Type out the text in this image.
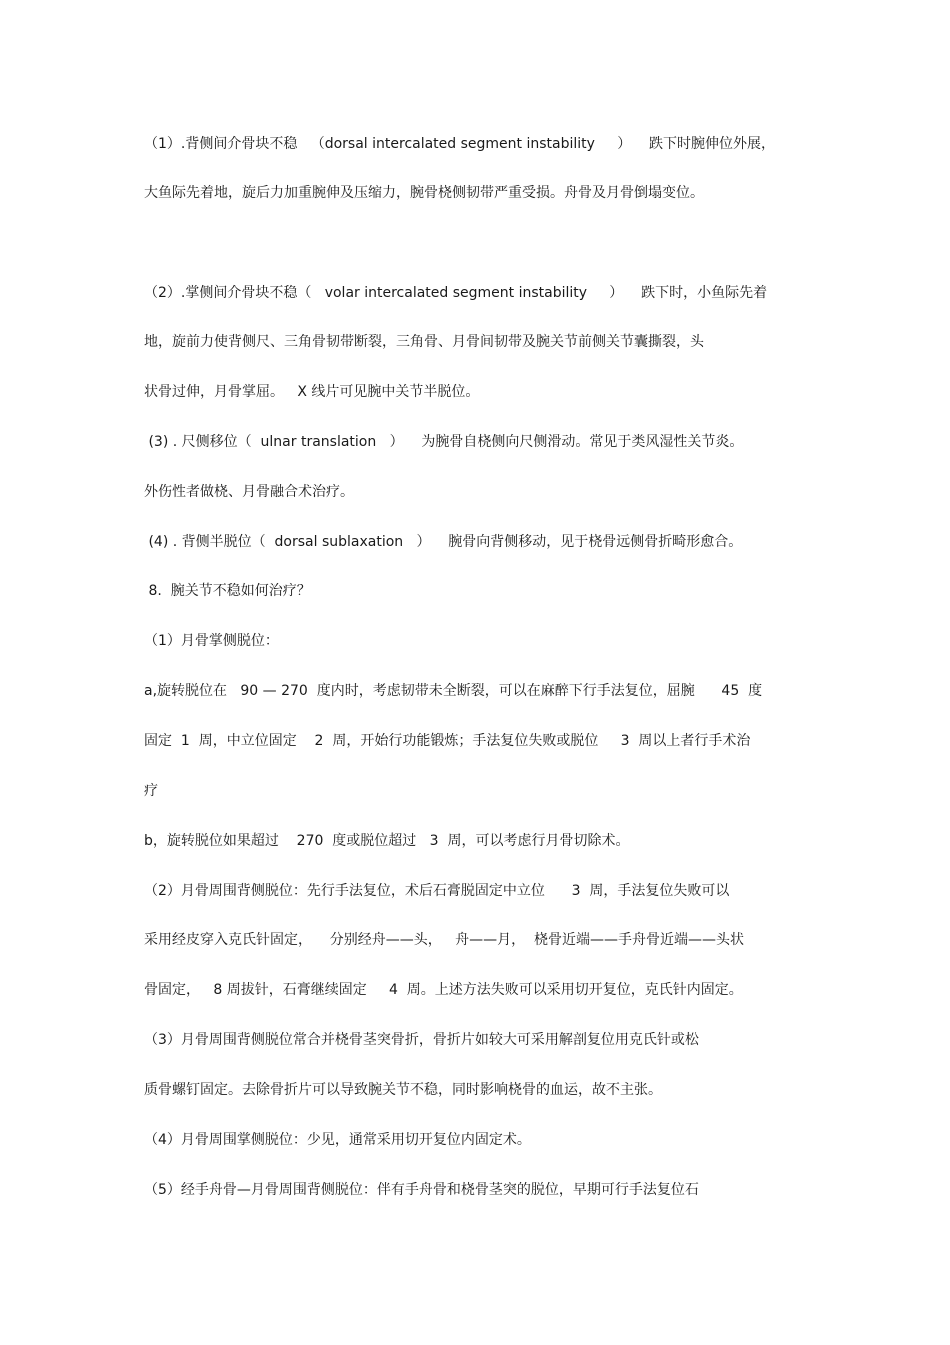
（1）.背侧间介骨块不稳   （dorsal intercalated segment instability     ）    跌下时腕伸位外展，
大鱼际先着地，旋后力加重腕伸及压缩力，腕骨桡侧韧带严重受损。舟骨及月骨倒塌变位。
（2）.掌侧间介骨块不稳（   volar intercalated segment instability     ）    跌下时，小鱼际先着
地，旋前力使背侧尺、三角骨韧带断裂，三角骨、月骨间韧带及腕关节前侧关节囊撕裂，头
状骨过伸，月骨掌屈。   X 线片可见腕中关节半脱位。
(3) . 尺侧移位（  ulnar translation   ）    为腕骨自桡侧向尺侧滑动。常见于类风湿性关节炎。
外伤性者做桡、月骨融合术治疗。
(4) . 背侧半脱位（  dorsal sublaxation   ）    腕骨向背侧移动，见于桡骨远侧骨折畸形愈合。
8.  腕关节不稳如何治疗？
（1）月骨掌侧脱位：
a,旋转脱位在   90 — 270  度内时，考虑韧带未全断裂，可以在麻醉下行手法复位，屈腕      45  度
固定  1  周，中立位固定    2  周，开始行功能锻炼；手法复位失败或脱位     3  周以上者行手术治
疗
b，旋转脱位如果超过    270  度或脱位超过   3  周，可以考虑行月骨切除术。
（2）月骨周围背侧脱位：先行手法复位，术后石膏脱固定中立位      3  周，手法复位失败可以
采用经皮穿入克氏针固定，    分别经舟——头，   舟——月，  桡骨近端——手舟骨近端——头状
骨固定，   8 周拔针，石膏继续固定     4  周。上述方法失败可以采用切开复位，克氏针内固定。
（3）月骨周围背侧脱位常合并桡骨茎突骨折，骨折片如较大可采用解剖复位用克氏针或松
质骨螺钉固定。去除骨折片可以导致腕关节不稳，同时影响桡骨的血运，故不主张。
（4）月骨周围掌侧脱位：少见，通常采用切开复位内固定术。
（5）经手舟骨—月骨周围背侧脱位：伴有手舟骨和桡骨茎突的脱位，早期可行手法复位石
